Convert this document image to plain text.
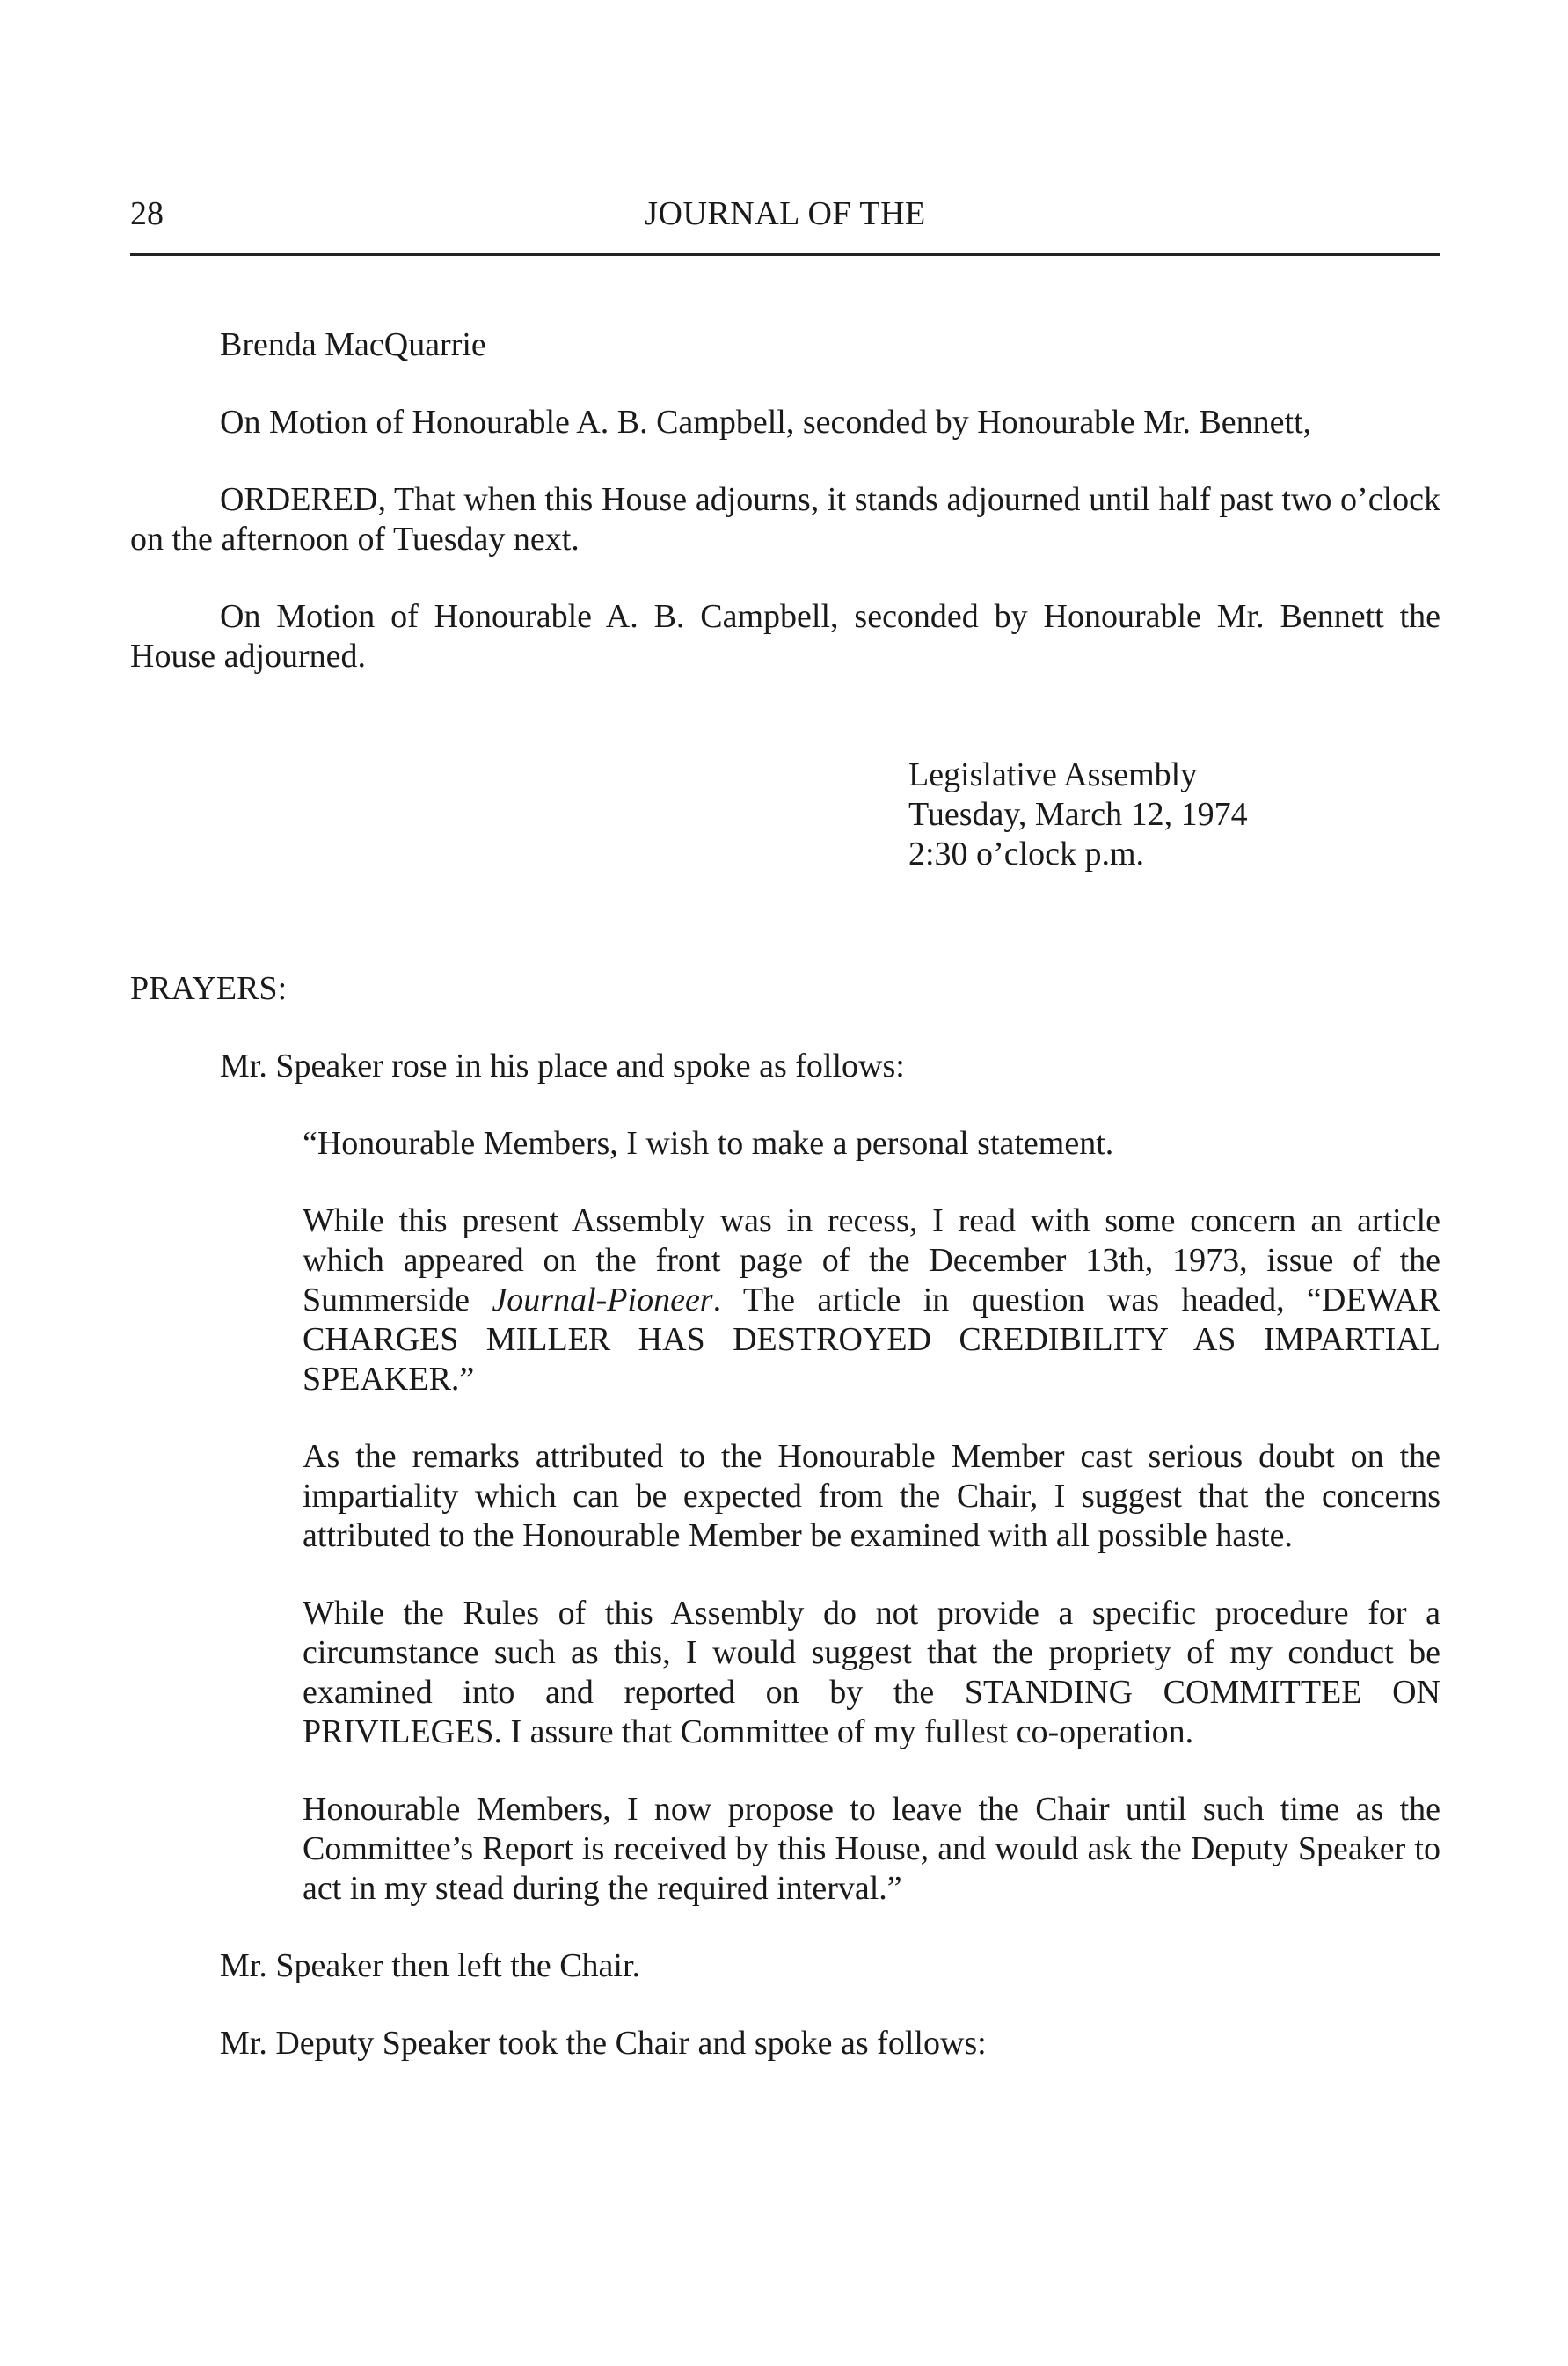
28	JOURNAL OF THE

Brenda MacQuarrie

On Motion of Honourable A. B. Campbell, seconded by Honourable Mr. Bennett,

ORDERED, That when this House adjourns, it stands adjourned until half past two o’clock on the afternoon of Tuesday next.

On Motion of Honourable A. B. Campbell, seconded by Honourable Mr. Bennett the House adjourned.

Legislative Assembly
Tuesday, March 12, 1974
2:30 o’clock p.m.

PRAYERS:

Mr. Speaker rose in his place and spoke as follows:

“Honourable Members, I wish to make a personal statement.

While this present Assembly was in recess, I read with some concern an article which appeared on the front page of the December 13th, 1973, issue of the Summerside Journal-Pioneer. The article in question was headed, “DEWAR CHARGES MILLER HAS DESTROYED CREDIBILITY AS IMPARTIAL SPEAKER.”

As the remarks attributed to the Honourable Member cast serious doubt on the impartiality which can be expected from the Chair, I suggest that the concerns attributed to the Honourable Member be examined with all possible haste.

While the Rules of this Assembly do not provide a specific procedure for a circumstance such as this, I would suggest that the propriety of my conduct be examined into and reported on by the STANDING COMMITTEE ON PRIVILEGES. I assure that Committee of my fullest co-operation.

Honourable Members, I now propose to leave the Chair until such time as the Committee’s Report is received by this House, and would ask the Deputy Speaker to act in my stead during the required interval.”

Mr. Speaker then left the Chair.

Mr. Deputy Speaker took the Chair and spoke as follows:
